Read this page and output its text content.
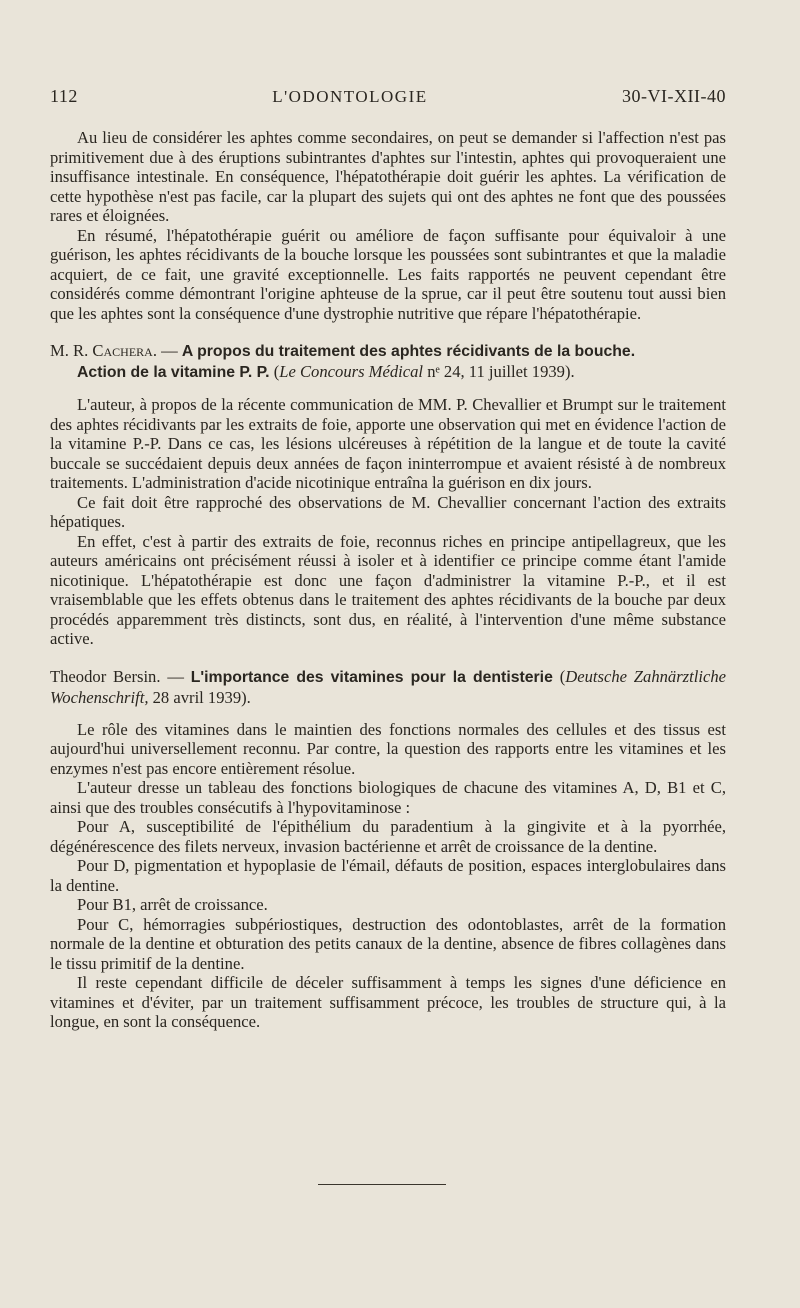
112	L'ODONTOLOGIE	30-VI-XII-40

Au lieu de considérer les aphtes comme secondaires, on peut se demander si l'affection n'est pas primitivement due à des éruptions subintrantes d'aphtes sur l'intestin, aphtes qui provoqueraient une insuffisance intestinale. En conséquence, l'hépatothérapie doit guérir les aphtes. La vérification de cette hypothèse n'est pas facile, car la plupart des sujets qui ont des aphtes ne font que des poussées rares et éloignées.

En résumé, l'hépatothérapie guérit ou améliore de façon suffisante pour équivaloir à une guérison, les aphtes récidivants de la bouche lorsque les poussées sont subintrantes et que la maladie acquiert, de ce fait, une gravité exceptionnelle. Les faits rapportés ne peuvent cependant être considérés comme démontrant l'origine aphteuse de la sprue, car il peut être soutenu tout aussi bien que les aphtes sont la conséquence d'une dystrophie nutritive que répare l'hépatothérapie.

M. R. Cachera. — A propos du traitement des aphtes récidivants de la bouche.
Action de la vitamine P. P. (Le Concours Médical nᵉ 24, 11 juillet 1939).

L'auteur, à propos de la récente communication de MM. P. Chevallier et Brumpt sur le traitement des aphtes récidivants par les extraits de foie, apporte une observation qui met en évidence l'action de la vitamine P.-P. Dans ce cas, les lésions ulcéreuses à répétition de la langue et de toute la cavité buccale se succédaient depuis deux années de façon ininterrompue et avaient résisté à de nombreux traitements. L'administration d'acide nicotinique entraîna la guérison en dix jours.

Ce fait doit être rapproché des observations de M. Chevallier concernant l'action des extraits hépatiques.

En effet, c'est à partir des extraits de foie, reconnus riches en principe antipellagreux, que les auteurs américains ont précisément réussi à isoler et à identifier ce principe comme étant l'amide nicotinique. L'hépatothérapie est donc une façon d'administrer la vitamine P.-P., et il est vraisemblable que les effets obtenus dans le traitement des aphtes récidivants de la bouche par deux procédés apparemment très distincts, sont dus, en réalité, à l'intervention d'une même substance active.

Theodor Bersin. — L'importance des vitamines pour la dentisterie (Deutsche Zahnärztliche Wochenschrift, 28 avril 1939).

Le rôle des vitamines dans le maintien des fonctions normales des cellules et des tissus est aujourd'hui universellement reconnu. Par contre, la question des rapports entre les vitamines et les enzymes n'est pas encore entièrement résolue.

L'auteur dresse un tableau des fonctions biologiques de chacune des vitamines A, D, B1 et C, ainsi que des troubles consécutifs à l'hypovitaminose :

Pour A, susceptibilité de l'épithélium du paradentium à la gingivite et à la pyorrhée, dégénérescence des filets nerveux, invasion bactérienne et arrêt de croissance de la dentine.

Pour D, pigmentation et hypoplasie de l'émail, défauts de position, espaces interglobulaires dans la dentine.

Pour B1, arrêt de croissance.

Pour C, hémorragies subpériostiques, destruction des odontoblastes, arrêt de la formation normale de la dentine et obturation des petits canaux de la dentine, absence de fibres collagènes dans le tissu primitif de la dentine.

Il reste cependant difficile de déceler suffisamment à temps les signes d'une déficience en vitamines et d'éviter, par un traitement suffisamment précoce, les troubles de structure qui, à la longue, en sont la conséquence.
